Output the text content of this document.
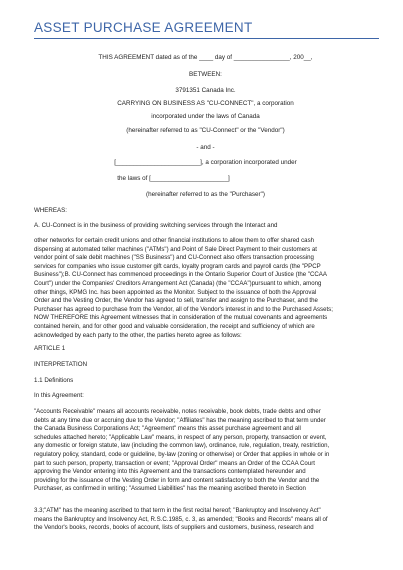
ASSET PURCHASE AGREEMENT
THIS AGREEMENT dated as of the ____ day of ________________, 200__,
BETWEEN:
3791351 Canada Inc.
CARRYING ON BUSINESS AS "CU-CONNECT", a corporation
incorporated under the laws of Canada
(hereinafter referred to as "CU-Connect" or the "Vendor")
- and -
[________________________], a corporation incorporated under
the laws of [______________________]
(hereinafter referred to as the "Purchaser")
WHEREAS:
A. CU-Connect is in the business of providing switching services through the Interact and
other networks for certain credit unions and other financial institutions to allow them to offer shared cash
dispensing at automated teller machines ("ATMs") and Point of Sale Direct Payment to their customers at
vendor point of sale debit machines ("SS Business") and CU-Connect also offers transaction processing
services for companies who issue customer gift cards, loyalty program cards and payroll cards (the "PPCP
Business");B. CU-Connect has commenced proceedings in the Ontario Superior Court of Justice (the "CCAA
Court") under the Companies' Creditors Arrangement Act (Canada) (the "CCAA")pursuant to which, among
other things, KPMG Inc. has been appointed as the Monitor. Subject to the issuance of both the Approval
Order and the Vesting Order, the Vendor has agreed to sell, transfer and assign to the Purchaser, and the
Purchaser has agreed to purchase from the Vendor, all of the Vendor's interest in and to the Purchased Assets;
NOW THEREFORE this Agreement witnesses that in consideration of the mutual covenants and agreements
contained herein, and for other good and valuable consideration, the receipt and sufficiency of which are
acknowledged by each party to the other, the parties hereto agree as follows:
ARTICLE 1
INTERPRETATION
1.1 Definitions
In this Agreement:
"Accounts Receivable" means all accounts receivable, notes receivable, book debts, trade debts and other
debts at any time due or accruing due to the Vendor; "Affiliates" has the meaning ascribed to that term under
the Canada Business Corporations Act; "Agreement" means this asset purchase agreement and all
schedules attached hereto; "Applicable Law" means, in respect of any person, property, transaction or event,
any domestic or foreign statute, law (including the common law), ordinance, rule, regulation, treaty, restriction,
regulatory policy, standard, code or guideline, by-law (zoning or otherwise) or Order that applies in whole or in
part to such person, property, transaction or event; "Approval Order" means an Order of the CCAA Court
approving the Vendor entering into this Agreement and the transactions contemplated hereunder and
providing for the issuance of the Vesting Order in form and content satisfactory to both the Vendor and the
Purchaser, as confirmed in writing; "Assumed Liabilities" has the meaning ascribed thereto in Section
3.3;"ATM" has the meaning ascribed to that term in the first recital hereof; "Bankruptcy and Insolvency Act"
means the Bankruptcy and Insolvency Act, R.S.C.1985, c. 3, as amended; "Books and Records" means all of
the Vendor's books, records, books of account, lists of suppliers and customers, business, research and
